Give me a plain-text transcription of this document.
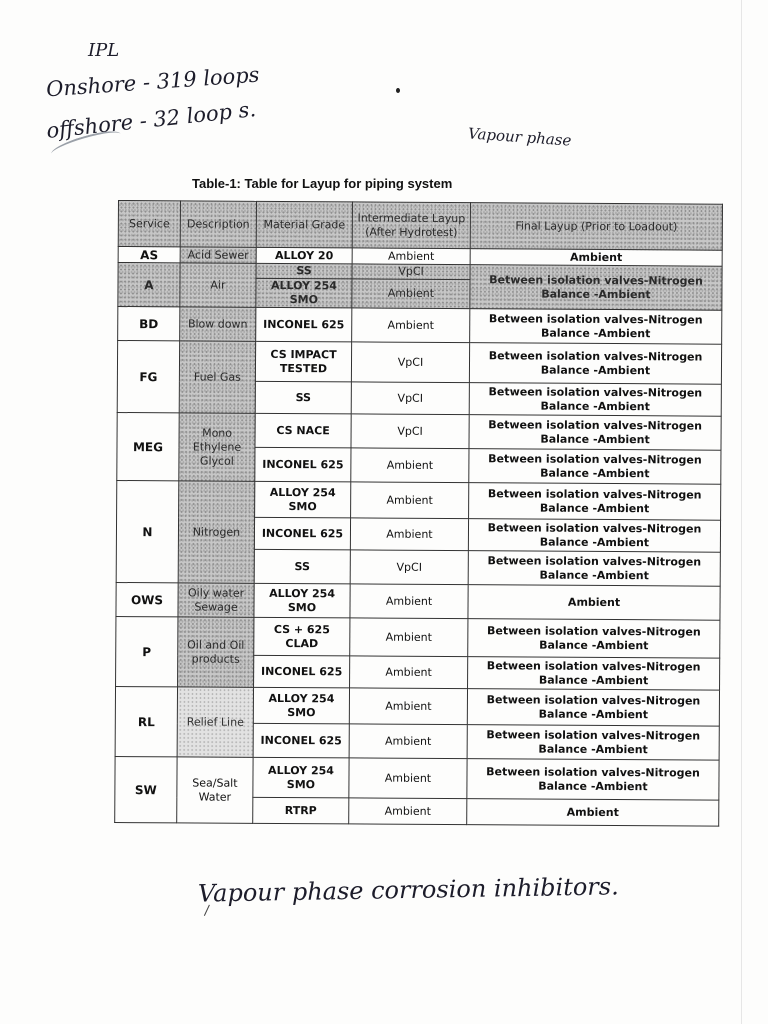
IPL
Onshore - 319 loops
offshore - 32 loop s.	Vapour phase
Table-1: Table for Layup for piping system
Service	Description	Material Grade	Intermediate Layup (After Hydrotest)	Final Layup (Prior to Loadout)
AS	Acid Sewer	ALLOY 20	Ambient	Ambient
A	Air	SS	VpCI	Between isolation valves-Nitrogen Balance -Ambient
		ALLOY 254 SMO	Ambient	
BD	Blow down	INCONEL 625	Ambient	Between isolation valves-Nitrogen Balance -Ambient
FG	Fuel Gas	CS IMPACT TESTED	VpCI	Between isolation valves-Nitrogen Balance -Ambient
		SS	VpCI	Between isolation valves-Nitrogen Balance -Ambient
MEG	Mono Ethylene Glycol	CS NACE	VpCI	Between isolation valves-Nitrogen Balance -Ambient
		INCONEL 625	Ambient	Between isolation valves-Nitrogen Balance -Ambient
N	Nitrogen	ALLOY 254 SMO	Ambient	Between isolation valves-Nitrogen Balance -Ambient
		INCONEL 625	Ambient	Between isolation valves-Nitrogen Balance -Ambient
		SS	VpCI	Between isolation valves-Nitrogen Balance -Ambient
OWS	Oily water Sewage	ALLOY 254 SMO	Ambient	Ambient
P	Oil and Oil products	CS + 625 CLAD	Ambient	Between isolation valves-Nitrogen Balance -Ambient
		INCONEL 625	Ambient	Between isolation valves-Nitrogen Balance -Ambient
RL	Relief Line	ALLOY 254 SMO	Ambient	Between isolation valves-Nitrogen Balance -Ambient
		INCONEL 625	Ambient	Between isolation valves-Nitrogen Balance -Ambient
SW	Sea/Salt Water	ALLOY 254 SMO	Ambient	Between isolation valves-Nitrogen Balance -Ambient
		RTRP	Ambient	Ambient
Vapour phase corrosion inhibitors.
